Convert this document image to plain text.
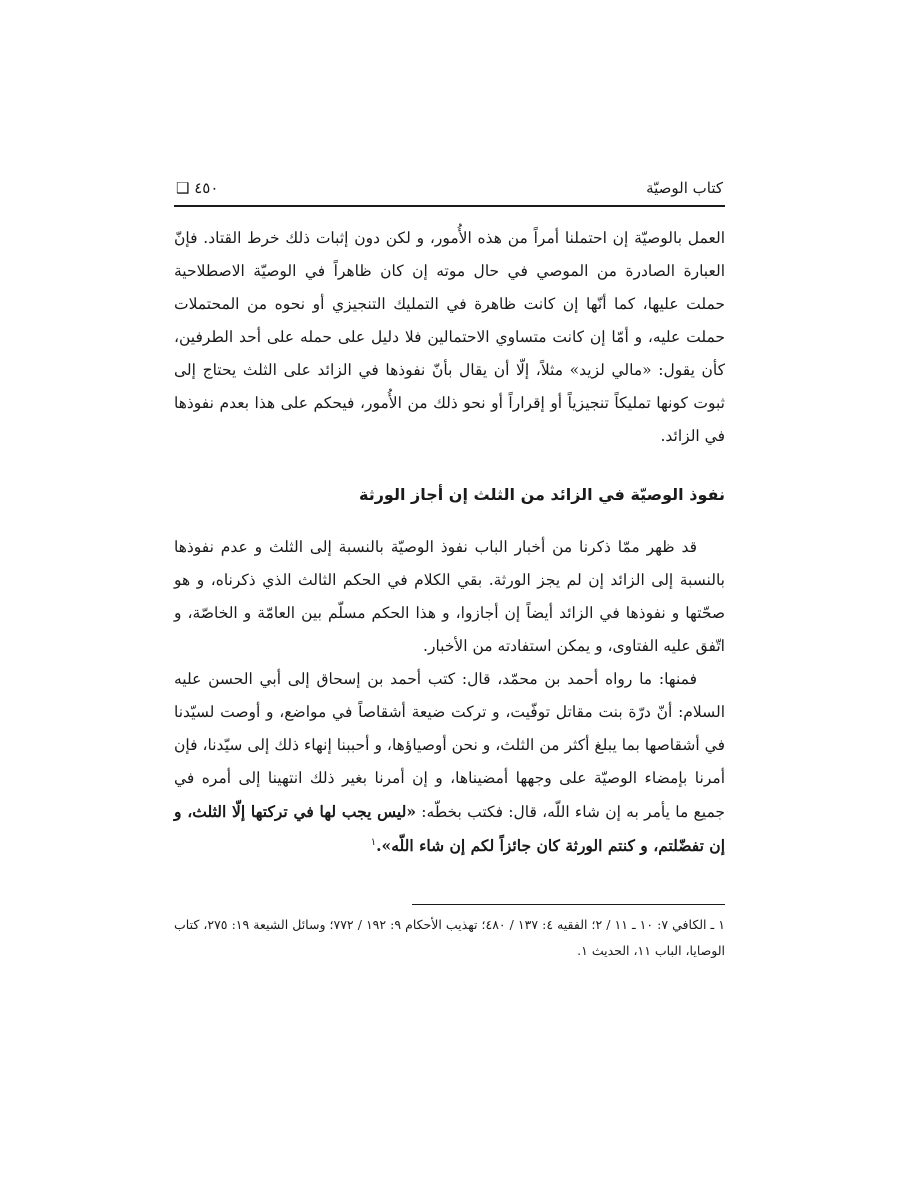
كتاب الوصيّة
❑ ٤٥٠

العمل بالوصيّة إن احتملنا أمراً من هذه الأُمور، و لكن دون إثبات ذلك خرط القتاد. فإنّ العبارة الصادرة من الموصي في حال موته إن كان ظاهراً في الوصيّة الاصطلاحية حملت عليها، كما أنّها إن كانت ظاهرة في التمليك التنجيزي أو نحوه من المحتملات حملت عليه، و أمّا إن كانت متساوي الاحتمالين فلا دليل على حمله على أحد الطرفين، كأن يقول: «مالي لزيد» مثلاً، إلّا أن يقال بأنّ نفوذها في الزائد على الثلث يحتاج إلى ثبوت كونها تمليكاً تنجيزياً أو إقراراً أو نحو ذلك من الأُمور، فيحكم على هذا بعدم نفوذها في الزائد.

نفوذ الوصيّة في الزائد من الثلث إن أجاز الورثة

قد ظهر ممّا ذكرنا من أخبار الباب نفوذ الوصيّة بالنسبة إلى الثلث و عدم نفوذها بالنسبة إلى الزائد إن لم يجز الورثة. بقي الكلام في الحكم الثالث الذي ذكرناه، و هو صحّتها و نفوذها في الزائد أيضاً إن أجازوا، و هذا الحكم مسلّم بين العامّة و الخاصّة، و اتّفق عليه الفتاوى، و يمكن استفادته من الأخبار.

فمنها: ما رواه أحمد بن محمّد، قال: كتب أحمد بن إسحاق إلى أبي الحسن عليه السلام: أنّ درّة بنت مقاتل توفّيت، و تركت ضيعة أشقاصاً في مواضع، و أوصت لسيّدنا في أشقاصها بما يبلغ أكثر من الثلث، و نحن أوصياؤها، و أحببنا إنهاء ذلك إلى سيّدنا، فإن أمرنا بإمضاء الوصيّة على وجهها أمضيناها، و إن أمرنا بغير ذلك انتهينا إلى أمره في جميع ما يأمر به إن شاء اللّه، قال: فكتب بخطّه: «ليس يجب لها في تركتها إلّا الثلث، و إن تفضّلتم، و كنتم الورثة كان جائزاً لكم إن شاء اللّه».$^١$

١ ـ الكافي ٧: ١٠ ـ ١١ / ٢؛ الفقيه ٤: ١٣٧ / ٤٨٠؛ تهذيب الأحكام ٩: ١٩٢ / ٧٧٢؛ وسائل الشيعة ١٩: ٢٧٥، كتاب الوصايا، الباب ١١، الحديث ١.
